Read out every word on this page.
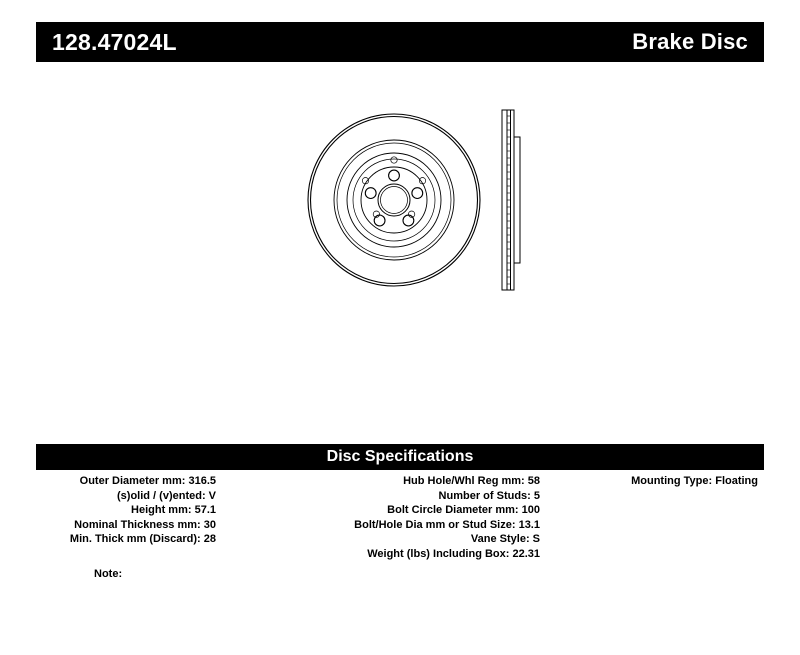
128.47024L	Brake Disc
Disc Specifications
Outer Diameter mm: 316.5
(s)olid / (v)ented: V
Height mm: 57.1
Nominal Thickness mm: 30
Min. Thick mm (Discard): 28
Hub Hole/Whl Reg mm: 58
Number of Studs: 5
Bolt Circle Diameter mm: 100
Bolt/Hole Dia mm or Stud Size: 13.1
Vane Style: S
Weight (lbs) Including Box: 22.31
Mounting Type: Floating
Note:
